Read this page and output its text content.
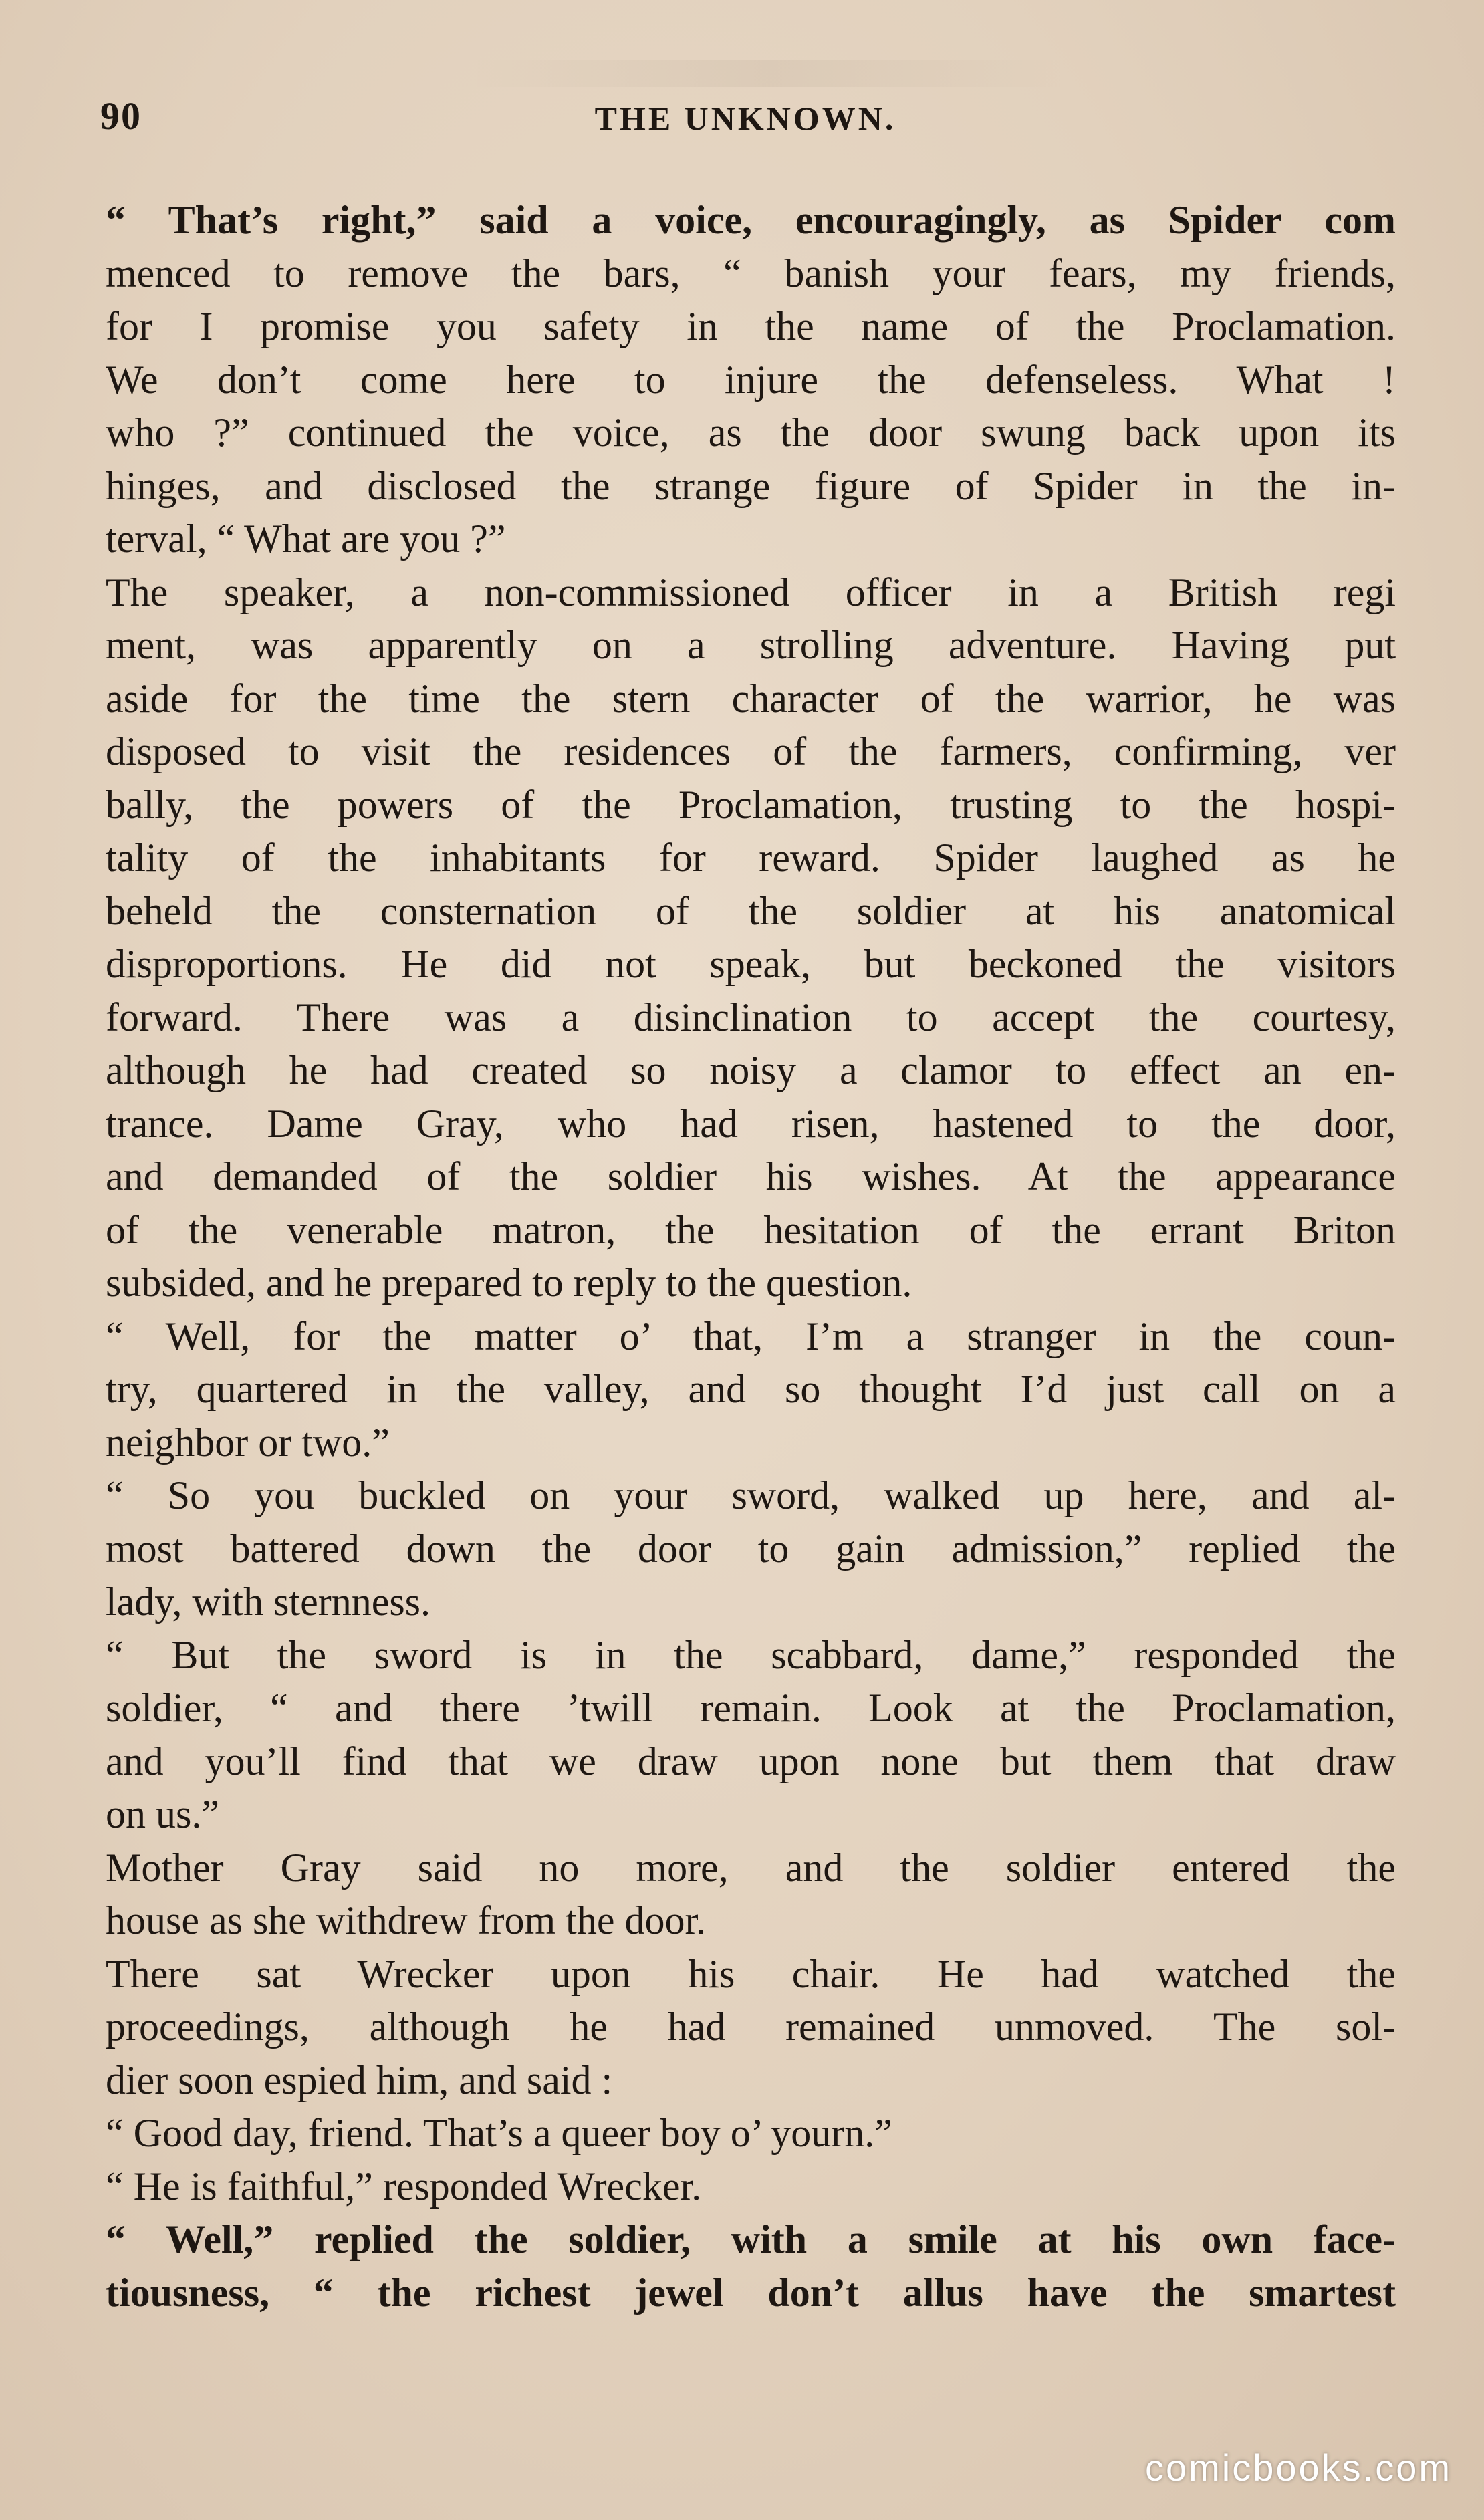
90	THE UNKNOWN.
“ That’s right,” said a voice, encouragingly, as Spider com
menced to remove the bars, “ banish your fears, my friends,
for I promise you safety in the name of the Proclamation.
We don’t come here to injure the defenseless. What !
who ?” continued the voice, as the door swung back upon its
hinges, and disclosed the strange figure of Spider in the in-
terval, “ What are you ?”
The speaker, a non-commissioned officer in a British regi
ment, was apparently on a strolling adventure. Having put
aside for the time the stern character of the warrior, he was
disposed to visit the residences of the farmers, confirming, ver
bally, the powers of the Proclamation, trusting to the hospi-
tality of the inhabitants for reward. Spider laughed as he
beheld the consternation of the soldier at his anatomical
disproportions. He did not speak, but beckoned the visitors
forward. There was a disinclination to accept the courtesy,
although he had created so noisy a clamor to effect an en-
trance. Dame Gray, who had risen, hastened to the door,
and demanded of the soldier his wishes. At the appearance
of the venerable matron, the hesitation of the errant Briton
subsided, and he prepared to reply to the question.
“ Well, for the matter o’ that, I’m a stranger in the coun-
try, quartered in the valley, and so thought I’d just call on a
neighbor or two.”
“ So you buckled on your sword, walked up here, and al-
most battered down the door to gain admission,” replied the
lady, with sternness.
“ But the sword is in the scabbard, dame,” responded the
soldier, “ and there ’twill remain. Look at the Proclamation,
and you’ll find that we draw upon none but them that draw
on us.”
Mother Gray said no more, and the soldier entered the
house as she withdrew from the door.
There sat Wrecker upon his chair. He had watched the
proceedings, although he had remained unmoved. The sol-
dier soon espied him, and said :
“ Good day, friend. That’s a queer boy o’ yourn.”
“ He is faithful,” responded Wrecker.
“ Well,” replied the soldier, with a smile at his own face-
tiousness, “ the richest jewel don’t allus have the smartest
comicbooks.com
